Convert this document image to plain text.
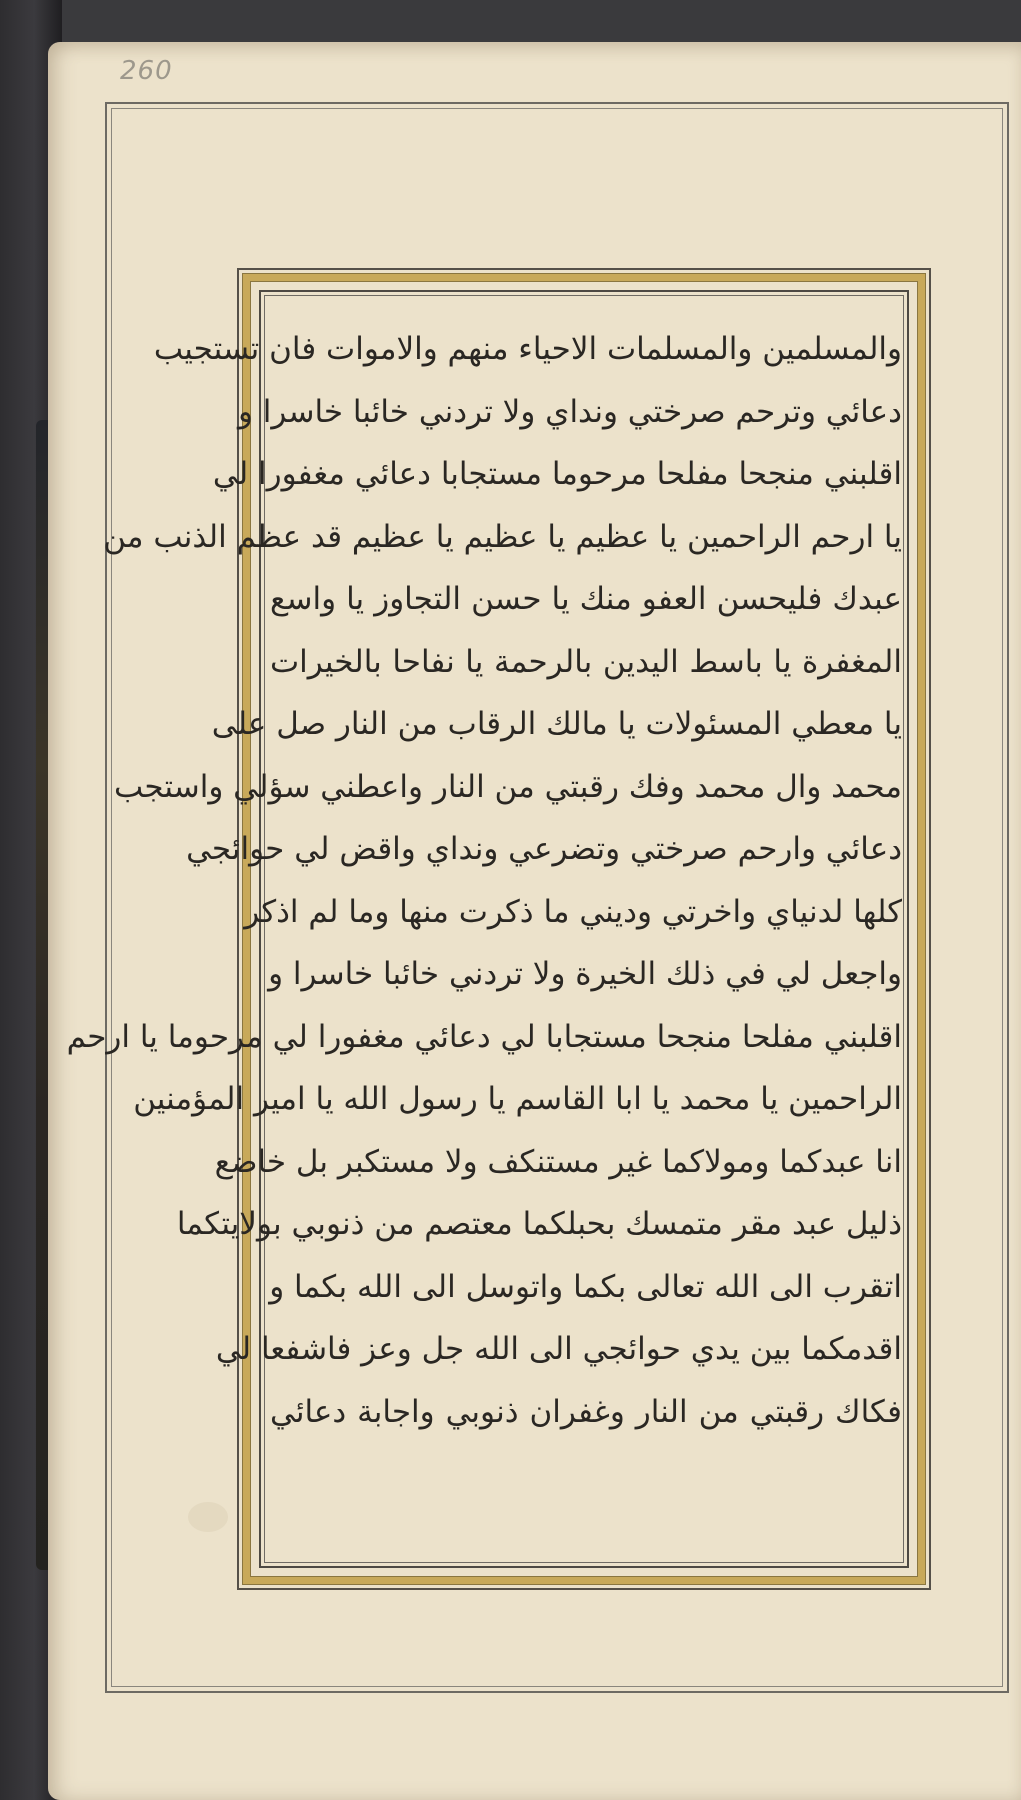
260
والمسلمين والمسلمات الاحياء منهم والاموات فان تستجيب
دعائي وترحم صرختي ونداي ولا تردني خائبا خاسرا و
اقلبني منجحا مفلحا مرحوما مستجابا دعائي مغفورا لي
يا ارحم الراحمين يا عظيم يا عظيم يا عظيم قد عظم الذنب من
عبدك فليحسن العفو منك يا حسن التجاوز يا واسع
المغفرة يا باسط اليدين بالرحمة يا نفاحا بالخيرات
يا معطي المسئولات يا مالك الرقاب من النار صل على
محمد وال محمد وفك رقبتي من النار واعطني سؤلي واستجب
دعائي وارحم صرختي وتضرعي ونداي واقض لي حوائجي
كلها لدنياي واخرتي وديني ما ذكرت منها وما لم اذكر
واجعل لي في ذلك الخيرة ولا تردني خائبا خاسرا و
اقلبني مفلحا منجحا مستجابا لي دعائي مغفورا لي مرحوما يا ارحم
الراحمين يا محمد يا ابا القاسم يا رسول الله يا امير المؤمنين
انا عبدكما ومولاكما غير مستنكف ولا مستكبر بل خاضع
ذليل عبد مقر متمسك بحبلكما معتصم من ذنوبي بولايتكما
اتقرب الى الله تعالى بكما واتوسل الى الله بكما و
اقدمكما بين يدي حوائجي الى الله جل وعز فاشفعا لي
فكاك رقبتي من النار وغفران ذنوبي واجابة دعائي
